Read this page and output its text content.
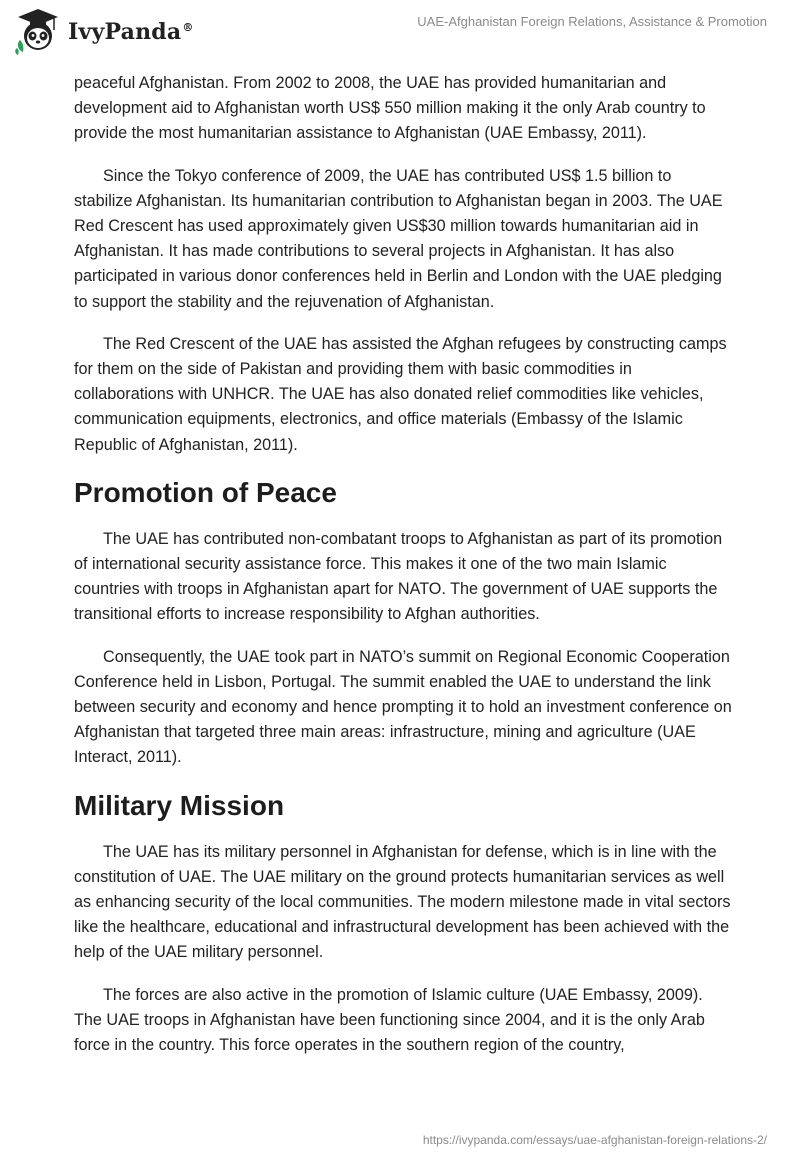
IvyPanda®	UAE-Afghanistan Foreign Relations, Assistance & Promotion

peaceful Afghanistan. From 2002 to 2008, the UAE has provided humanitarian and development aid to Afghanistan worth US$ 550 million making it the only Arab country to provide the most humanitarian assistance to Afghanistan (UAE Embassy, 2011).

Since the Tokyo conference of 2009, the UAE has contributed US$ 1.5 billion to stabilize Afghanistan. Its humanitarian contribution to Afghanistan began in 2003. The UAE Red Crescent has used approximately given US$30 million towards humanitarian aid in Afghanistan. It has made contributions to several projects in Afghanistan. It has also participated in various donor conferences held in Berlin and London with the UAE pledging to support the stability and the rejuvenation of Afghanistan.

The Red Crescent of the UAE has assisted the Afghan refugees by constructing camps for them on the side of Pakistan and providing them with basic commodities in collaborations with UNHCR. The UAE has also donated relief commodities like vehicles, communication equipments, electronics, and office materials (Embassy of the Islamic Republic of Afghanistan, 2011).

Promotion of Peace

The UAE has contributed non-combatant troops to Afghanistan as part of its promotion of international security assistance force. This makes it one of the two main Islamic countries with troops in Afghanistan apart for NATO. The government of UAE supports the transitional efforts to increase responsibility to Afghan authorities.

Consequently, the UAE took part in NATO’s summit on Regional Economic Cooperation Conference held in Lisbon, Portugal. The summit enabled the UAE to understand the link between security and economy and hence prompting it to hold an investment conference on Afghanistan that targeted three main areas: infrastructure, mining and agriculture (UAE Interact, 2011).

Military Mission

The UAE has its military personnel in Afghanistan for defense, which is in line with the constitution of UAE. The UAE military on the ground protects humanitarian services as well as enhancing security of the local communities. The modern milestone made in vital sectors like the healthcare, educational and infrastructural development has been achieved with the help of the UAE military personnel.

The forces are also active in the promotion of Islamic culture (UAE Embassy, 2009). The UAE troops in Afghanistan have been functioning since 2004, and it is the only Arab force in the country. This force operates in the southern region of the country,

https://ivypanda.com/essays/uae-afghanistan-foreign-relations-2/
